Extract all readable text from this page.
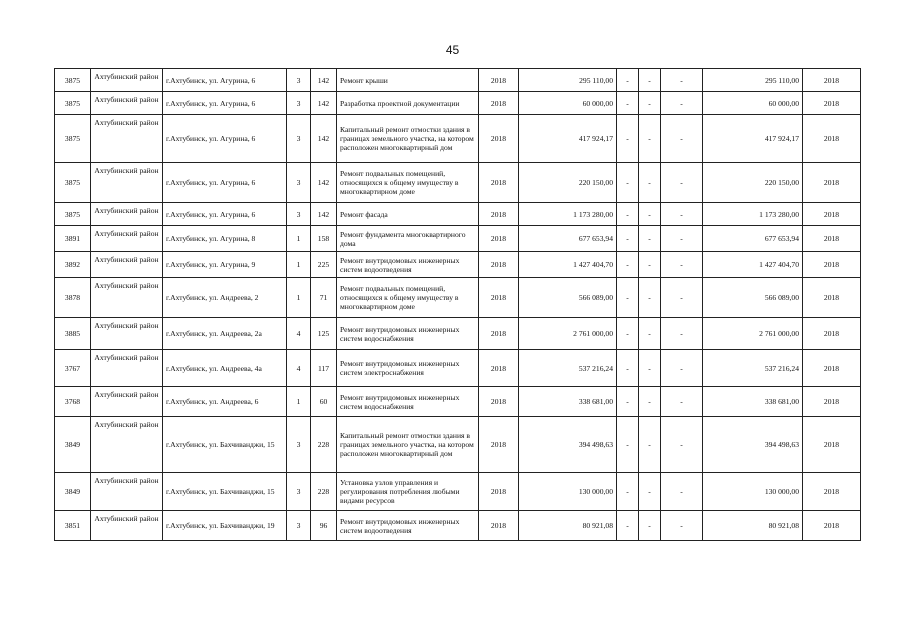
45
3875	Ахтубинский район	г.Ахтубинск, ул. Агурина, 6	3	142	Ремонт крыши	2018	295 110,00	-	-	-	295 110,00	2018
3875	Ахтубинский район	г.Ахтубинск, ул. Агурина, 6	3	142	Разработка проектной документации	2018	60 000,00	-	-	-	60 000,00	2018
3875	Ахтубинский район	г.Ахтубинск, ул. Агурина, 6	3	142	Капитальный ремонт отмостки здания в границах земельного участка, на котором расположен многоквартирный дом	2018	417 924,17	-	-	-	417 924,17	2018
3875	Ахтубинский район	г.Ахтубинск, ул. Агурина, 6	3	142	Ремонт подвальных помещений, относящихся к общему имуществу в многоквартирном доме	2018	220 150,00	-	-	-	220 150,00	2018
3875	Ахтубинский район	г.Ахтубинск, ул. Агурина, 6	3	142	Ремонт фасада	2018	1 173 280,00	-	-	-	1 173 280,00	2018
3891	Ахтубинский район	г.Ахтубинск, ул. Агурина, 8	1	158	Ремонт фундамента многоквартирного дома	2018	677 653,94	-	-	-	677 653,94	2018
3892	Ахтубинский район	г.Ахтубинск, ул. Агурина, 9	1	225	Ремонт внутридомовых инженерных систем водоотведения	2018	1 427 404,70	-	-	-	1 427 404,70	2018
3878	Ахтубинский район	г.Ахтубинск, ул. Андреева, 2	1	71	Ремонт подвальных помещений, относящихся к общему имуществу в многоквартирном доме	2018	566 089,00	-	-	-	566 089,00	2018
3885	Ахтубинский район	г.Ахтубинск, ул. Андреева, 2а	4	125	Ремонт внутридомовых инженерных систем водоснабжения	2018	2 761 000,00	-	-	-	2 761 000,00	2018
3767	Ахтубинский район	г.Ахтубинск, ул. Андреева, 4а	4	117	Ремонт внутридомовых инженерных систем электроснабжения	2018	537 216,24	-	-	-	537 216,24	2018
3768	Ахтубинский район	г.Ахтубинск, ул. Андреева, 6	1	60	Ремонт внутридомовых инженерных систем водоснабжения	2018	338 681,00	-	-	-	338 681,00	2018
3849	Ахтубинский район	г.Ахтубинск, ул. Бахчиванджи, 15	3	228	Капитальный ремонт отмостки здания в границах земельного участка, на котором расположен многоквартирный дом	2018	394 498,63	-	-	-	394 498,63	2018
3849	Ахтубинский район	г.Ахтубинск, ул. Бахчиванджи, 15	3	228	Установка узлов управления и регулирования потребления любыми видами ресурсов	2018	130 000,00	-	-	-	130 000,00	2018
3851	Ахтубинский район	г.Ахтубинск, ул. Бахчиванджи, 19	3	96	Ремонт внутридомовых инженерных систем водоотведения	2018	80 921,08	-	-	-	80 921,08	2018
